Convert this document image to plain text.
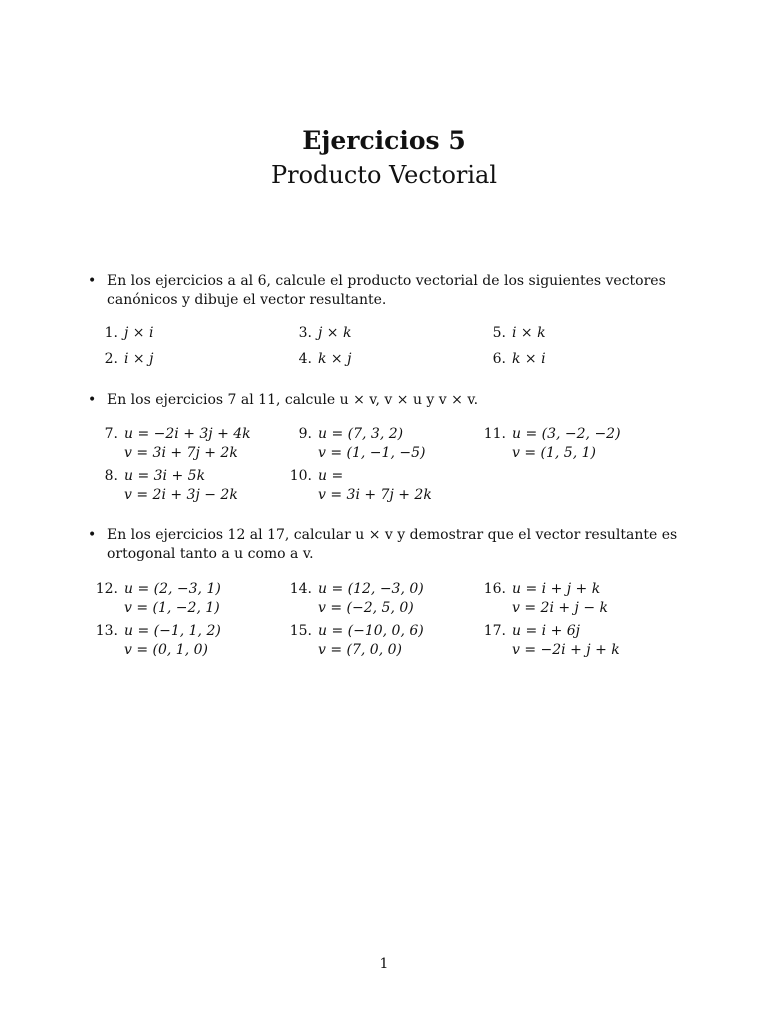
Ejercicios 5
Producto Vectorial
• En los ejercicios a al 6, calcule el producto vectorial de los siguientes vectores canónicos y dibuje el vector resultante.
1. j × i
2. i × j
3. j × k
4. k × j
5. i × k
6. k × i
• En los ejercicios 7 al 11, calcule u × v, v × u y v × v.
7. u = −2i + 3j + 4k
v = 3i + 7j + 2k
8. u = 3i + 5k
v = 2i + 3j − 2k
9. u = (7, 3, 2)
v = (1, −1, −5)
10. u =
v = 3i + 7j + 2k
11. u = (3, −2, −2)
v = (1, 5, 1)
• En los ejercicios 12 al 17, calcular u × v y demostrar que el vector resultante es ortogonal tanto a u como a v.
12. u = (2, −3, 1)
v = (1, −2, 1)
13. u = (−1, 1, 2)
v = (0, 1, 0)
14. u = (12, −3, 0)
v = (−2, 5, 0)
15. u = (−10, 0, 6)
v = (7, 0, 0)
16. u = i + j + k
v = 2i + j − k
17. u = i + 6j
v = −2i + j + k
1
